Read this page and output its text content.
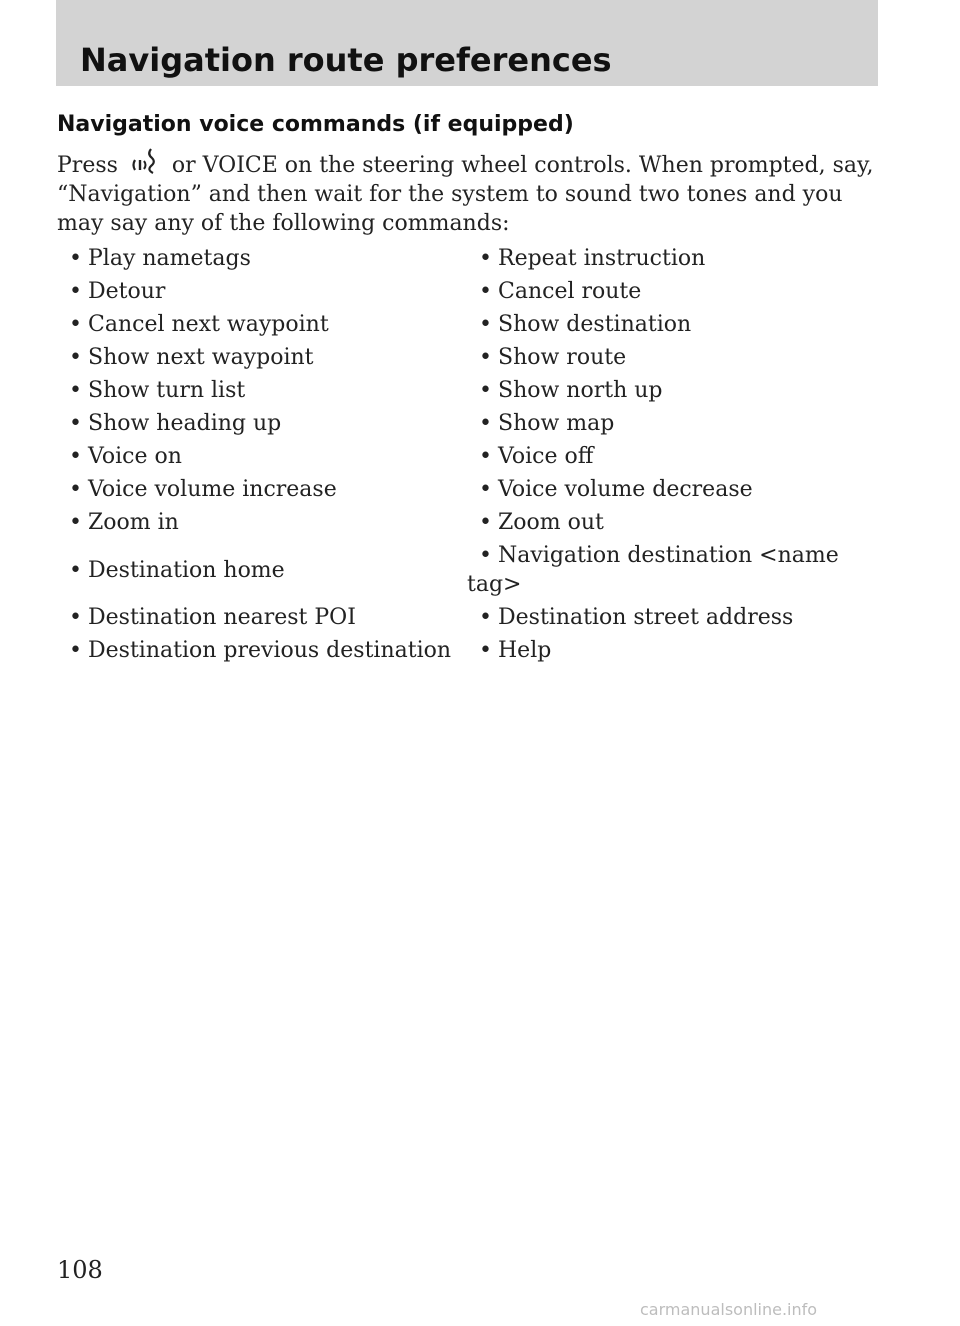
Navigation route preferences
Navigation voice commands (if equipped)

Press or VOICE on the steering wheel controls. When prompted, say, “Navigation” and then wait for the system to sound two tones and you may say any of the following commands:

• Play nametags	• Repeat instruction
• Detour	• Cancel route
• Cancel next waypoint	• Show destination
• Show next waypoint	• Show route
• Show turn list	• Show north up
• Show heading up	• Show map
• Voice on	• Voice off
• Voice volume increase	• Voice volume decrease
• Zoom in	• Zoom out
• Destination home	• Navigation destination <name tag>
• Destination nearest POI	• Destination street address
• Destination previous destination	• Help

108

carmanualsonline.info
